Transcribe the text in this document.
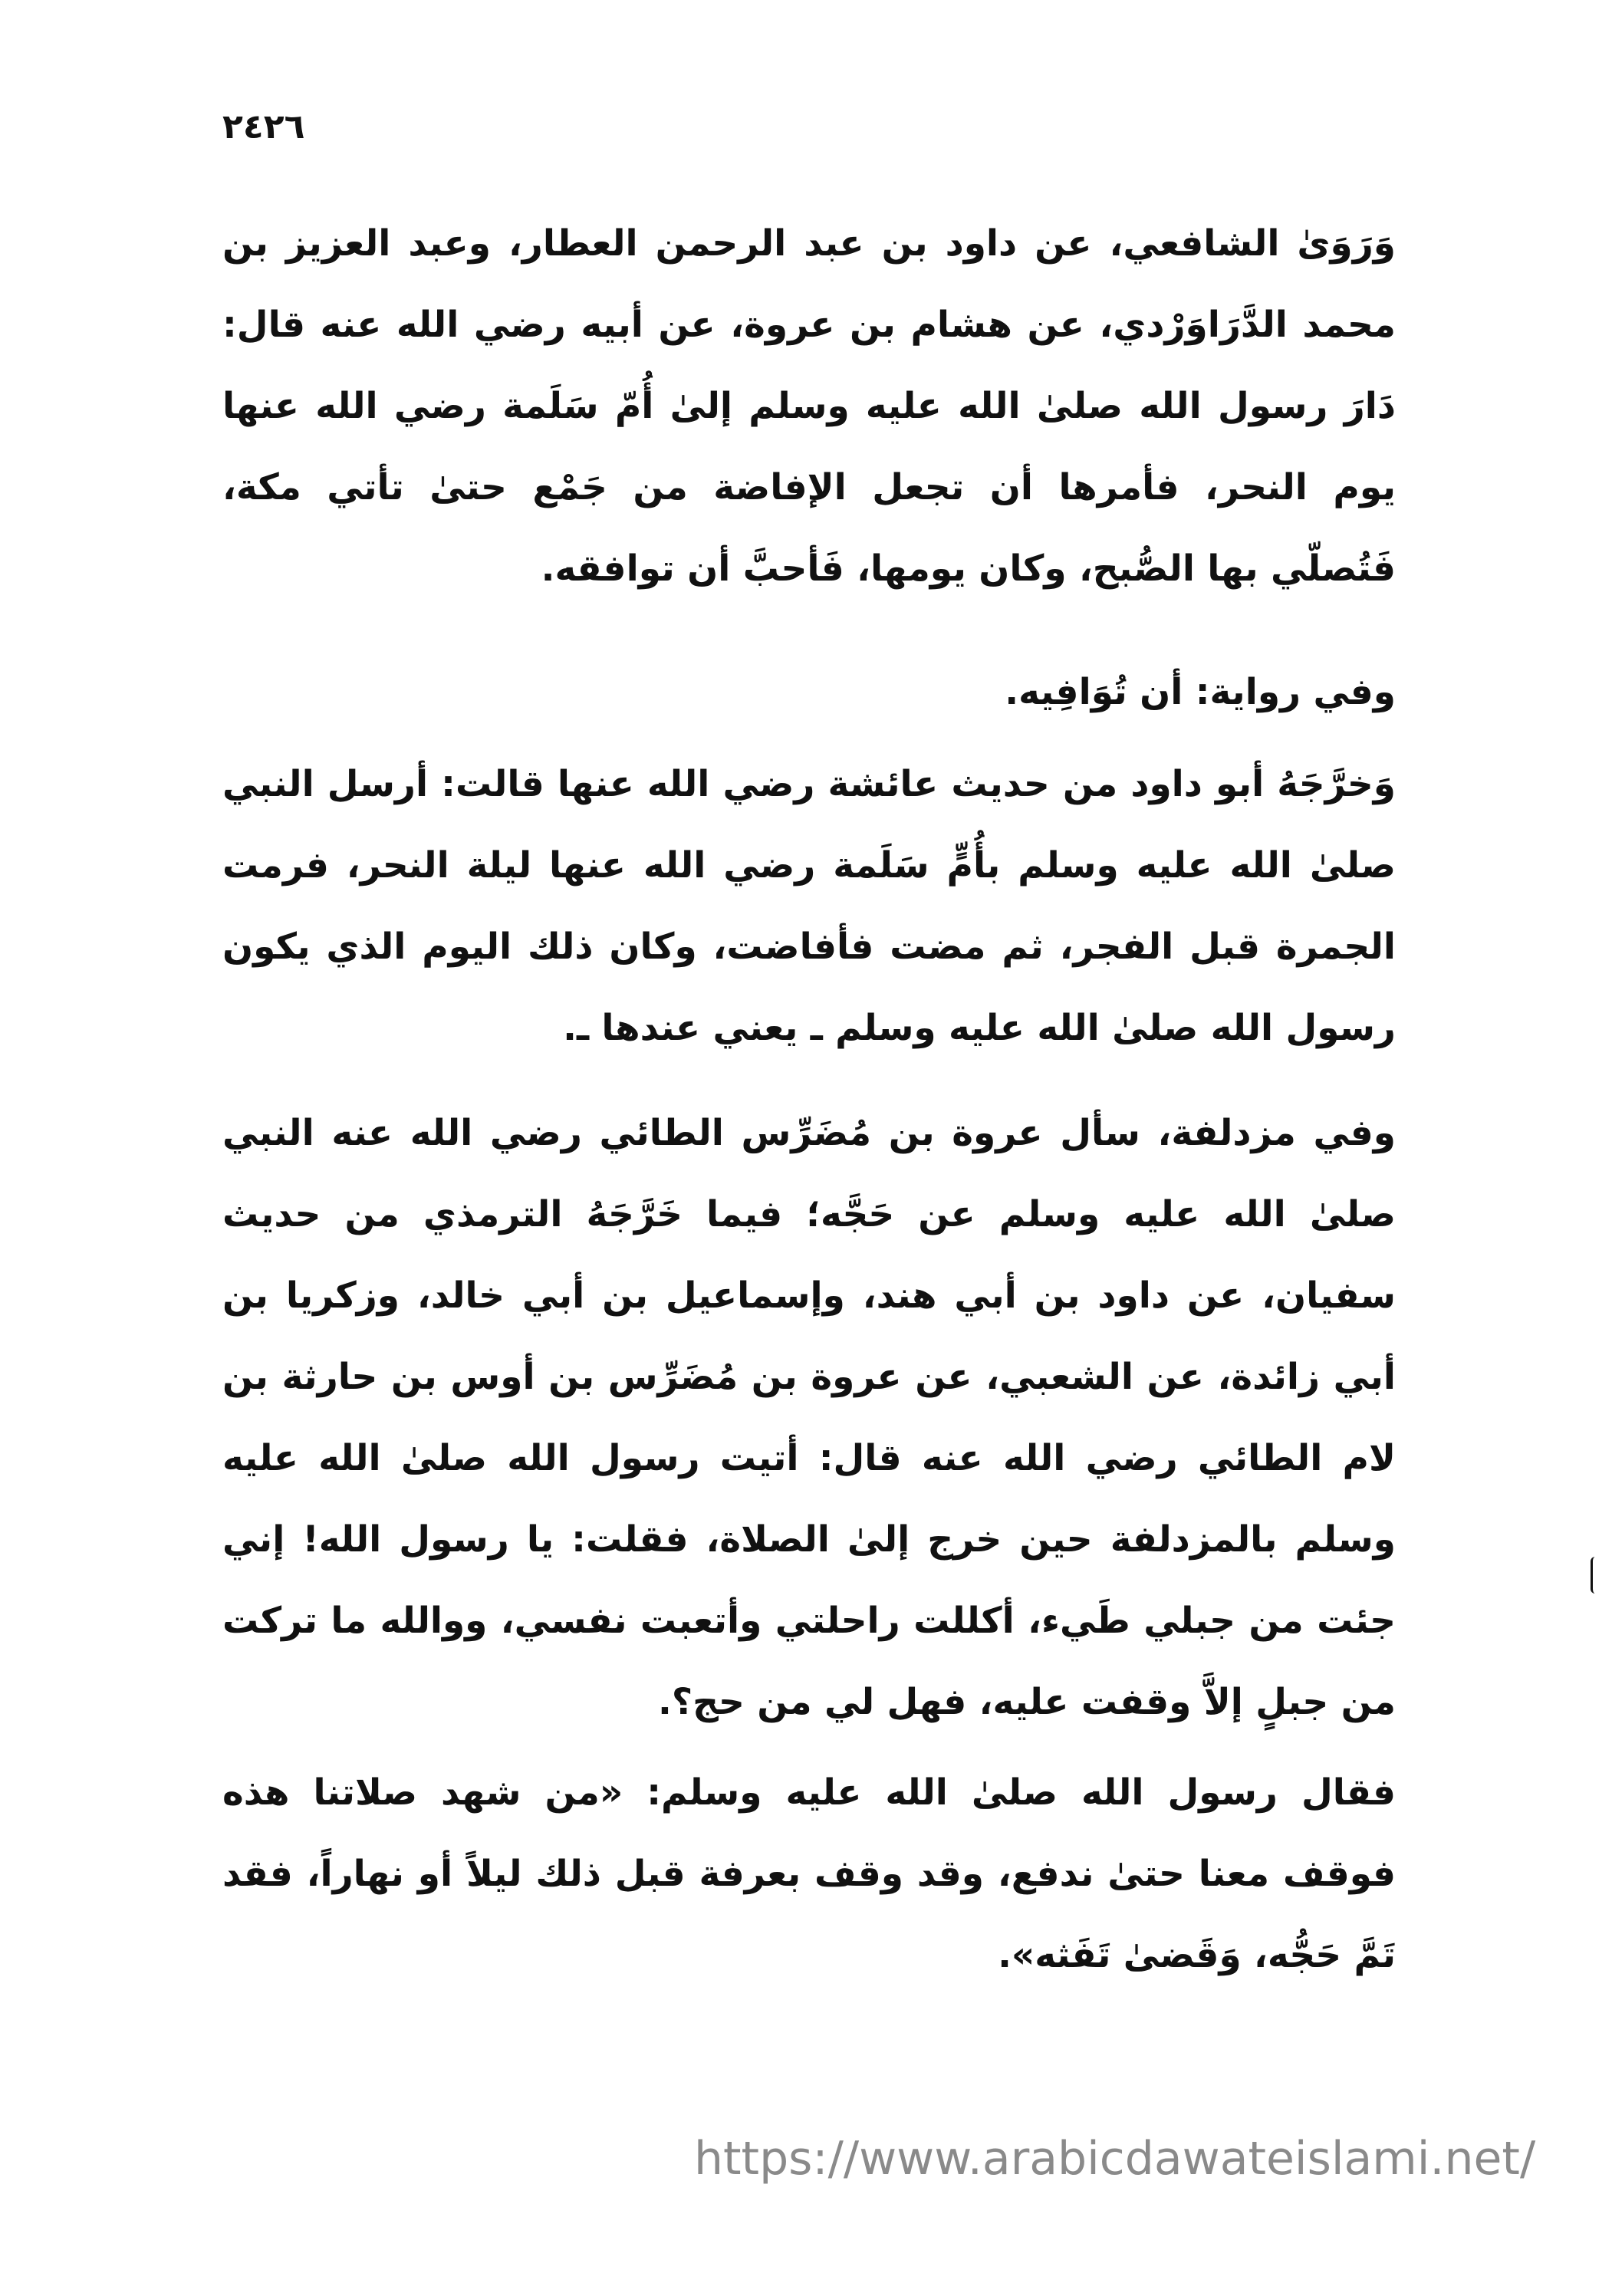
٢٤٢٦

وَرَوَىٰ الشافعي، عن داود بن عبد الرحمن العطار، وعبد العزيز بن محمد الدَّرَاوَرْدي، عن هشام بن عروة، عن أبيه رضي الله عنه قال: دَارَ رسول الله صلىٰ الله عليه وسلم إلىٰ أُمّ سَلَمة رضي الله عنها يوم النحر، فأمرها أن تجعل الإفاضة من جَمْع حتىٰ تأتي مكة، فَتُصلّي بها الصُّبح، وكان يومها، فَأحبَّ أن توافقه.

وفي رواية: أن تُوَافِيه.

وَخرَّجَهُ أبو داود من حديث عائشة رضي الله عنها قالت: أرسل النبي صلىٰ الله عليه وسلم بأُمٍّ سَلَمة رضي الله عنها ليلة النحر، فرمت الجمرة قبل الفجر، ثم مضت فأفاضت، وكان ذلك اليوم الذي يكون رسول الله صلىٰ الله عليه وسلم ـ يعني عندها ـ.

وفي مزدلفة، سأل عروة بن مُضَرِّس الطائي رضي الله عنه النبي صلىٰ الله عليه وسلم عن حَجَّه؛ فيما خَرَّجَهُ الترمذي من حديث سفيان، عن داود بن أبي هند، وإسماعيل بن أبي خالد، وزكريا بن أبي زائدة، عن الشعبي، عن عروة بن مُضَرِّس بن أوس بن حارثة بن لام الطائي رضي الله عنه قال: أتيت رسول الله صلىٰ الله عليه وسلم بالمزدلفة حين خرج إلىٰ الصلاة، فقلت: يا رسول الله! إني جئت من جبلي طَيء، أكللت راحلتي وأتعبت نفسي، ووالله ما تركت من جبلٍ إلاَّ وقفت عليه، فهل لي من حج؟.

فقال رسول الله صلىٰ الله عليه وسلم: «من شهد صلاتنا هذه فوقف معنا حتىٰ ندفع، وقد وقف بعرفة قبل ذلك ليلاً أو نهاراً، فقد تَمَّ حَجُّه، وَقَضىٰ تَفَثه».

https://www.arabicdawateislami.net/
